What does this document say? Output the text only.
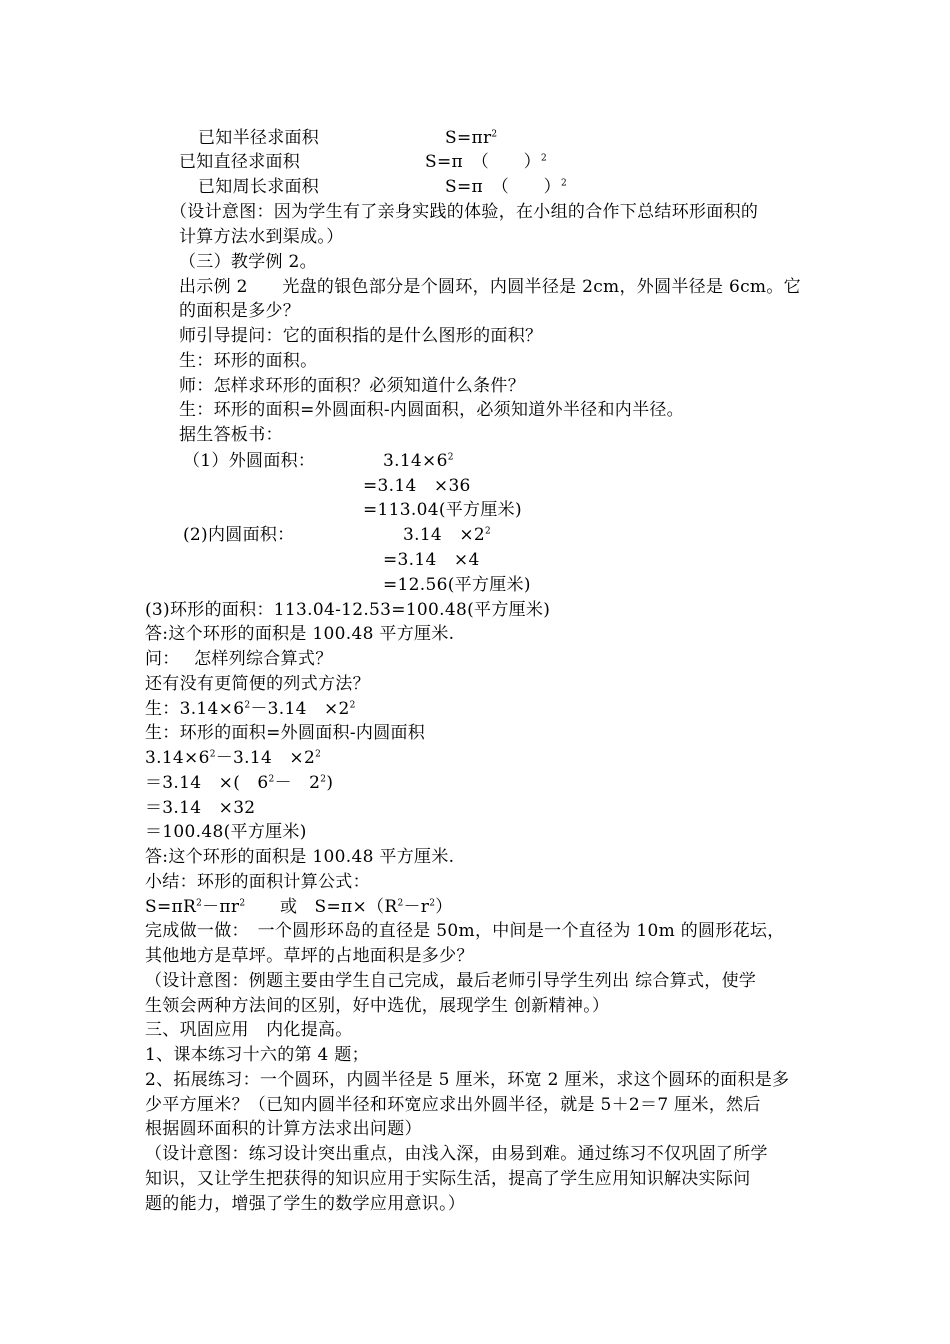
已知半径求面积	$S=\pi r^2$
已知直径求面积	S=π　（　　）$^2$
已知周长求面积	S=π　（　　）$^2$
（设计意图：因为学生有了亲身实践的体验，在小组的合作下总结环形面积的
计算方法水到渠成。）
（三）教学例 2。
出示例 2　　光盘的银色部分是个圆环，内圆半径是 2cm，外圆半径是 6cm。它
的面积是多少？
师引导提问：它的面积指的是什么图形的面积？
生：环形的面积。
师：怎样求环形的面积？必须知道什么条件？
生：环形的面积=外圆面积-内圆面积，必须知道外半径和内半径。
据生答板书：
（1）外圆面积：	$3.14\times 6^2$
=3.14　×36
=113.04(平方厘米)
(2)内圆面积：	3.14　$\times 2^2$
=3.14　×4
=12.56(平方厘米)
(3)环形的面积：113.04-12.53=100.48(平方厘米)
答:这个环形的面积是 100.48 平方厘米.
问：　 怎样列综合算式？
还有没有更简便的列式方法？
生：$3.14\times 6^2-3.14$　$\times 2^2$
生：环形的面积=外圆面积-内圆面积
$3.14\times 6^2-3.14$　$\times 2^2$
＝3.14　×(　$6^2-$　$2^2$)
＝3.14　×32
＝100.48(平方厘米)
答:这个环形的面积是 100.48 平方厘米.
小结：环形的面积计算公式：
$S=\pi R^2-\pi r^2$　　或　$S=\pi\times(R^2-r^2)$
完成做一做：　一个圆形环岛的直径是 50m，中间是一个直径为 10m 的圆形花坛，
其他地方是草坪。草坪的占地面积是多少？
（设计意图：例题主要由学生自己完成，最后老师引导学生列出 综合算式，使学
生领会两种方法间的区别，好中选优，展现学生 创新精神。）
三、巩固应用　内化提高。
1、课本练习十六的第 4 题；
2、拓展练习：一个圆环，内圆半径是 5 厘米，环宽 2 厘米，求这个圆环的面积是多
少平方厘米？（已知内圆半径和环宽应求出外圆半径，就是 5＋2＝7 厘米，然后
根据圆环面积的计算方法求出问题）
（设计意图：练习设计突出重点，由浅入深，由易到难。通过练习不仅巩固了所学
知识，又让学生把获得的知识应用于实际生活，提高了学生应用知识解决实际问
题的能力，增强了学生的数学应用意识。）
